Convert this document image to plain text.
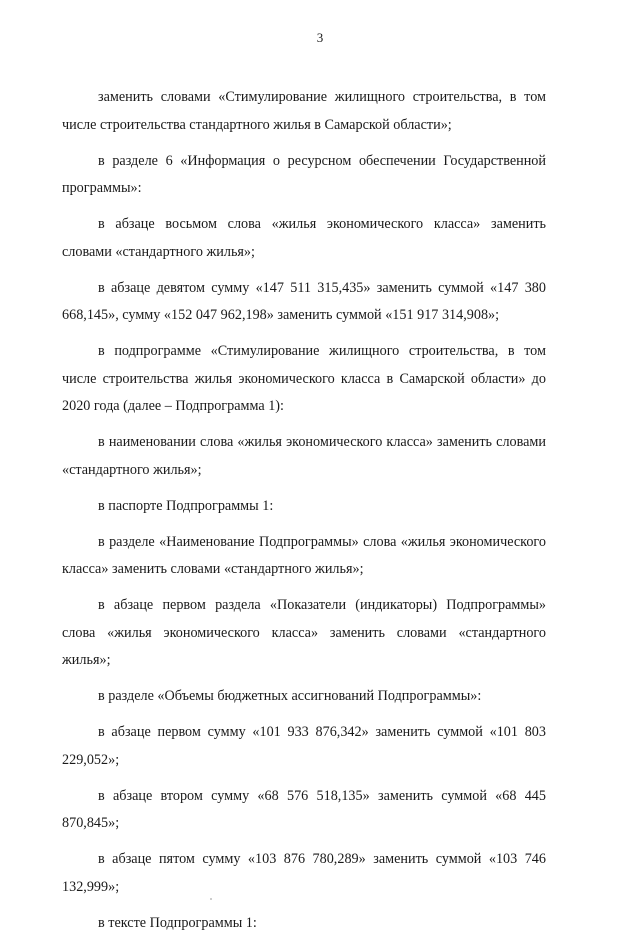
3

заменить словами «Стимулирование жилищного строительства, в том числе строительства стандартного жилья в Самарской области»;

в разделе 6 «Информация о ресурсном обеспечении Государственной программы»:

в абзаце восьмом слова «жилья экономического класса» заменить словами «стандартного жилья»;

в абзаце девятом сумму «147 511 315,435» заменить суммой «147 380 668,145», сумму «152 047 962,198» заменить суммой «151 917 314,908»;

в подпрограмме «Стимулирование жилищного строительства, в том числе строительства жилья экономического класса в Самарской области» до 2020 года (далее – Подпрограмма 1):

в наименовании слова «жилья экономического класса» заменить словами «стандартного жилья»;

в паспорте Подпрограммы 1:

в разделе «Наименование Подпрограммы» слова «жилья экономического класса» заменить словами «стандартного жилья»;

в абзаце первом раздела «Показатели (индикаторы) Подпрограммы» слова «жилья экономического класса» заменить словами «стандартного жилья»;

в разделе «Объемы бюджетных ассигнований Подпрограммы»:

в абзаце первом сумму «101 933 876,342» заменить суммой «101 803 229,052»;

в абзаце втором сумму «68 576 518,135» заменить суммой «68 445 870,845»;

в абзаце пятом сумму «103 876 780,289» заменить суммой «103 746 132,999»;

в тексте Подпрограммы 1:
